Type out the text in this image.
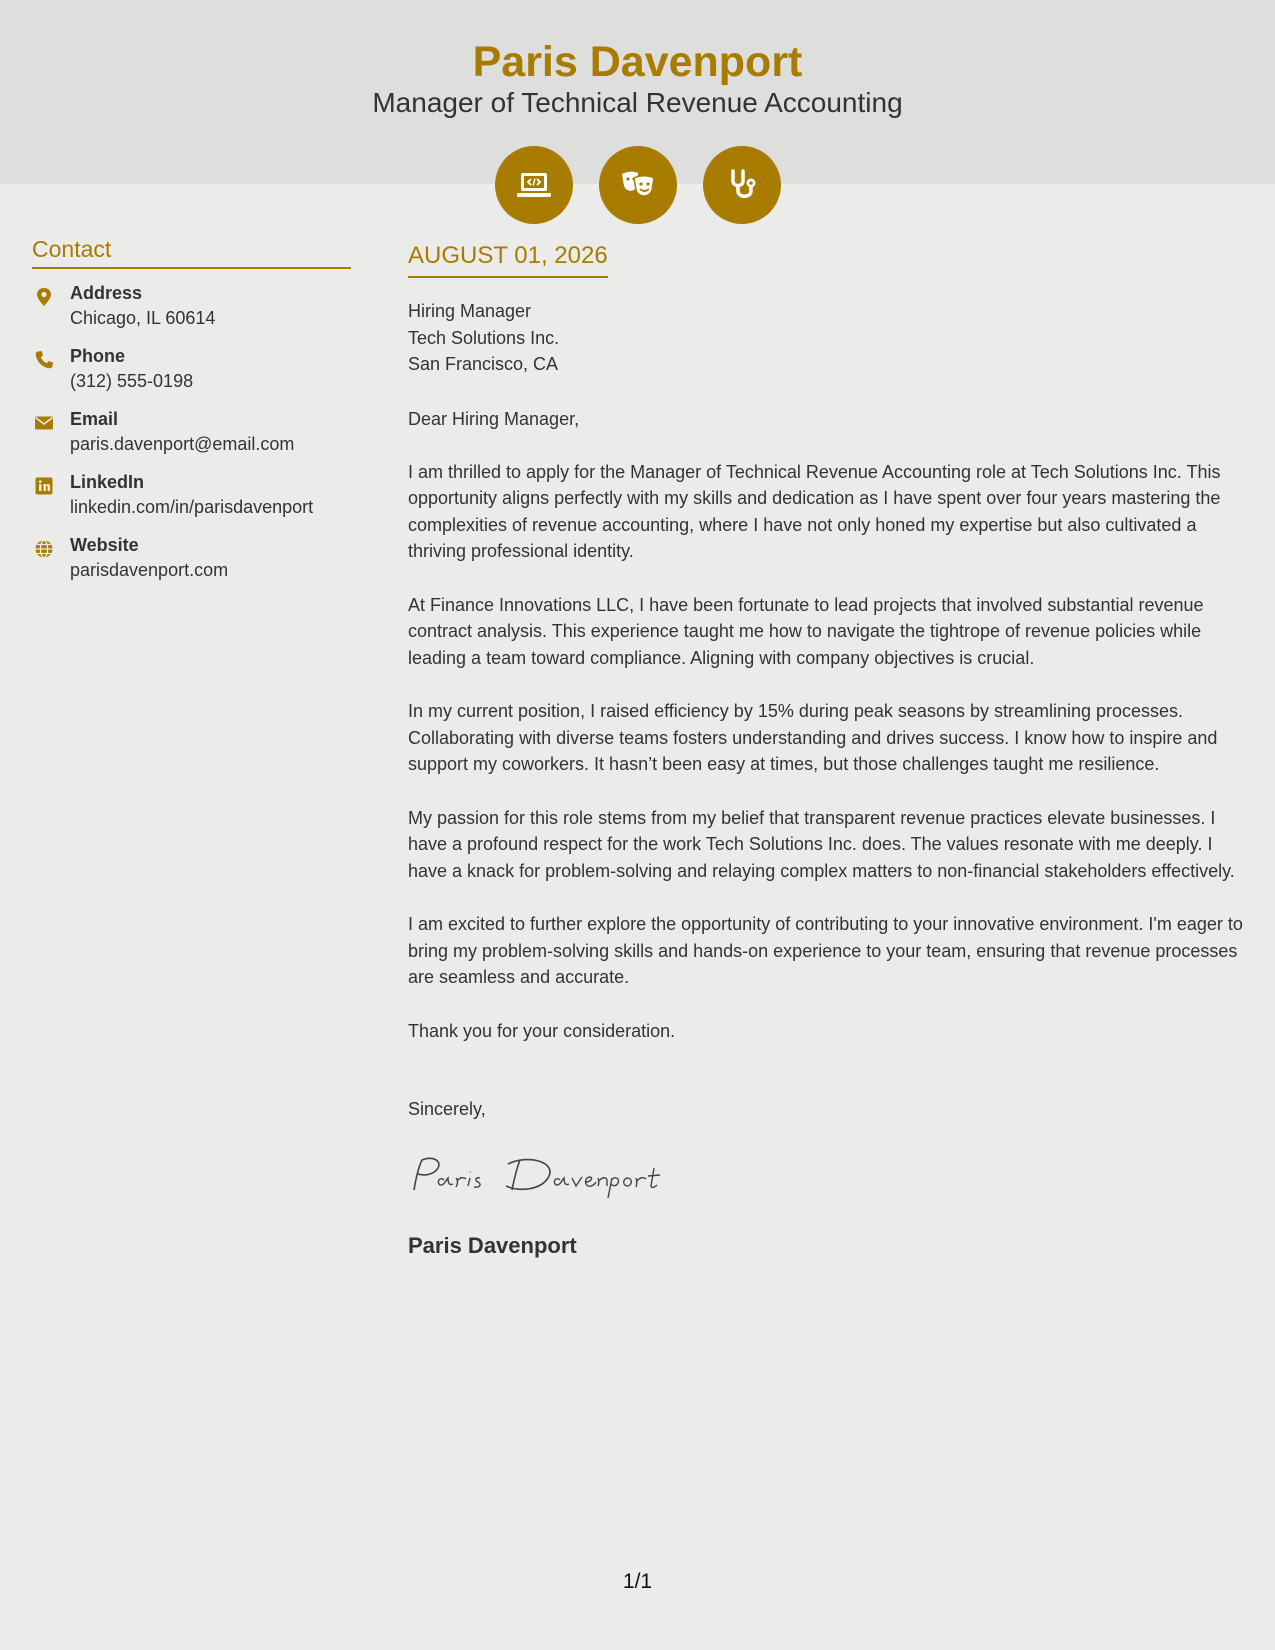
Paris Davenport
Manager of Technical Revenue Accounting
Contact
Address
Chicago, IL 60614
Phone
(312) 555-0198
Email
paris.davenport@email.com
LinkedIn
linkedin.com/in/parisdavenport
Website
parisdavenport.com
AUGUST 01, 2026
Hiring Manager
Tech Solutions Inc.
San Francisco, CA
Dear Hiring Manager,
I am thrilled to apply for the Manager of Technical Revenue Accounting role at Tech Solutions Inc. This opportunity aligns perfectly with my skills and dedication as I have spent over four years mastering the complexities of revenue accounting, where I have not only honed my expertise but also cultivated a thriving professional identity.
At Finance Innovations LLC, I have been fortunate to lead projects that involved substantial revenue contract analysis. This experience taught me how to navigate the tightrope of revenue policies while leading a team toward compliance. Aligning with company objectives is crucial.
In my current position, I raised efficiency by 15% during peak seasons by streamlining processes. Collaborating with diverse teams fosters understanding and drives success. I know how to inspire and support my coworkers. It hasn’t been easy at times, but those challenges taught me resilience.
My passion for this role stems from my belief that transparent revenue practices elevate businesses. I have a profound respect for the work Tech Solutions Inc. does. The values resonate with me deeply. I have a knack for problem-solving and relaying complex matters to non-financial stakeholders effectively.
I am excited to further explore the opportunity of contributing to your innovative environment. I'm eager to bring my problem-solving skills and hands-on experience to your team, ensuring that revenue processes are seamless and accurate.
Thank you for your consideration.
Sincerely,
Paris Davenport
1/1
